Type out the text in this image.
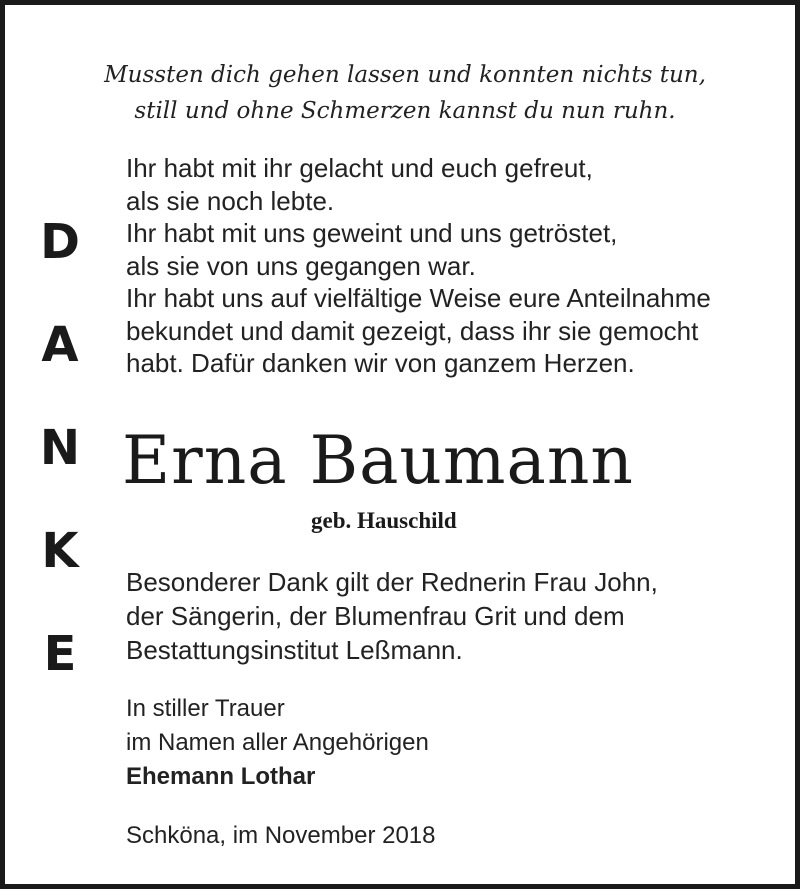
Mussten dich gehen lassen und konnten nichts tun,
still und ohne Schmerzen kannst du nun ruhn.
D
A
N
K
E
Ihr habt mit ihr gelacht und euch gefreut,
als sie noch lebte.
Ihr habt mit uns geweint und uns getröstet,
als sie von uns gegangen war.
Ihr habt uns auf vielfältige Weise eure Anteilnahme
bekundet und damit gezeigt, dass ihr sie gemocht
habt. Dafür danken wir von ganzem Herzen.
Erna Baumann
geb. Hauschild
Besonderer Dank gilt der Rednerin Frau John,
der Sängerin, der Blumenfrau Grit und dem
Bestattungsinstitut Leßmann.
In stiller Trauer
im Namen aller Angehörigen
Ehemann Lothar
Schköna, im November 2018
